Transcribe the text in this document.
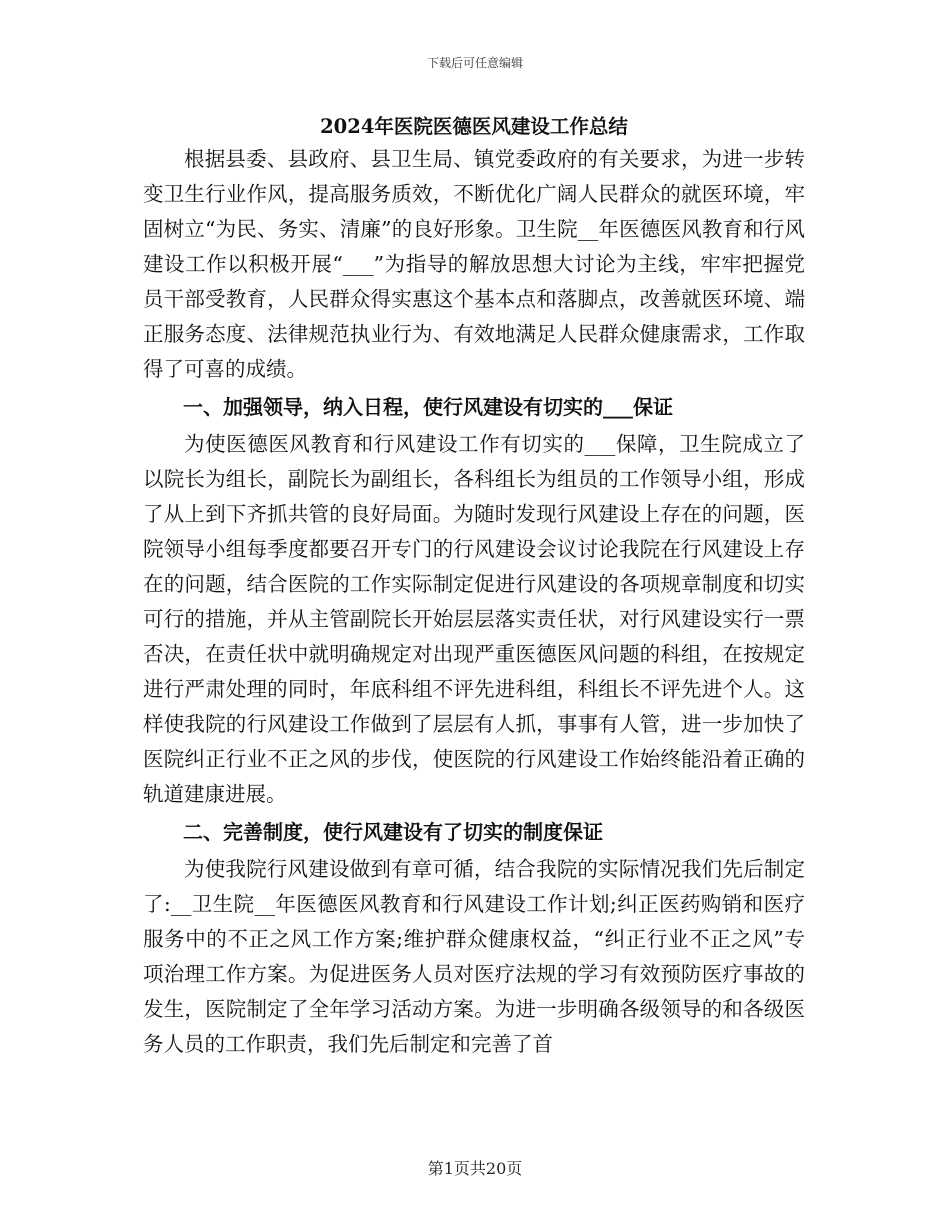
下载后可任意编辑
2024年医院医德医风建设工作总结

根据县委、县政府、县卫生局、镇党委政府的有关要求，为进一步转变卫生行业作风，提高服务质效，不断优化广阔人民群众的就医环境，牢固树立“为民、务实、清廉”的良好形象。卫生院__年医德医风教育和行风建设工作以积极开展“___”为指导的解放思想大讨论为主线，牢牢把握党员干部受教育，人民群众得实惠这个基本点和落脚点，改善就医环境、端正服务态度、法律规范执业行为、有效地满足人民群众健康需求，工作取得了可喜的成绩。

一、加强领导，纳入日程，使行风建设有切实的___保证

为使医德医风教育和行风建设工作有切实的___保障，卫生院成立了以院长为组长，副院长为副组长，各科组长为组员的工作领导小组，形成了从上到下齐抓共管的良好局面。为随时发现行风建设上存在的问题，医院领导小组每季度都要召开专门的行风建设会议讨论我院在行风建设上存在的问题，结合医院的工作实际制定促进行风建设的各项规章制度和切实可行的措施，并从主管副院长开始层层落实责任状，对行风建设实行一票否决，在责任状中就明确规定对出现严重医德医风问题的科组，在按规定进行严肃处理的同时，年底科组不评先进科组，科组长不评先进个人。这样使我院的行风建设工作做到了层层有人抓，事事有人管，进一步加快了医院纠正行业不正之风的步伐，使医院的行风建设工作始终能沿着正确的轨道建康进展。

二、完善制度，使行风建设有了切实的制度保证

为使我院行风建设做到有章可循，结合我院的实际情况我们先后制定了:__卫生院__年医德医风教育和行风建设工作计划;纠正医药购销和医疗服务中的不正之风工作方案;维护群众健康权益，“纠正行业不正之风”专项治理工作方案。为促进医务人员对医疗法规的学习有效预防医疗事故的发生，医院制定了全年学习活动方案。为进一步明确各级领导的和各级医务人员的工作职责，我们先后制定和完善了首

第1页共20页
